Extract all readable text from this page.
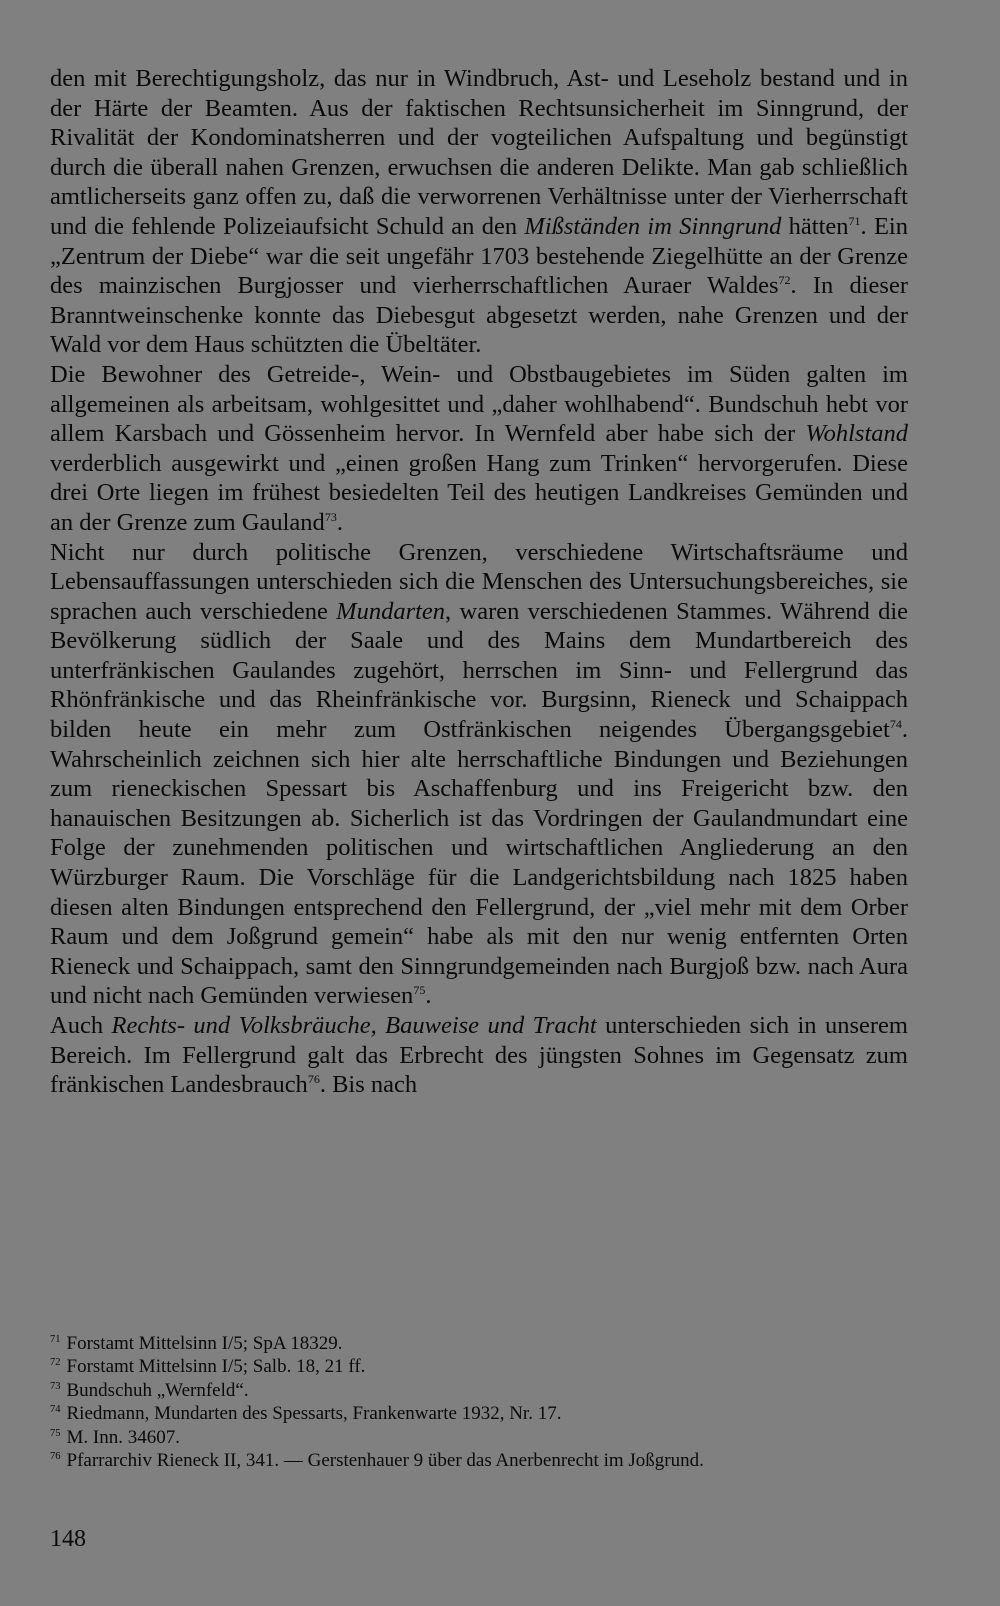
den mit Berechtigungsholz, das nur in Windbruch, Ast- und Leseholz bestand und in der Härte der Beamten. Aus der faktischen Rechtsunsicherheit im Sinngrund, der Rivalität der Kondominatsherren und der vogteilichen Aufspaltung und begünstigt durch die überall nahen Grenzen, erwuchsen die anderen Delikte. Man gab schließlich amtlicherseits ganz offen zu, daß die verworrenen Verhältnisse unter der Vierherrschaft und die fehlende Polizeiaufsicht Schuld an den Mißständen im Sinngrund hätten$^{71}$. Ein „Zentrum der Diebe“ war die seit ungefähr 1703 bestehende Ziegelhütte an der Grenze des mainzischen Burgjosser und vierherrschaftlichen Auraer Waldes$^{72}$. In dieser Branntweinschenke konnte das Diebesgut abgesetzt werden, nahe Grenzen und der Wald vor dem Haus schützten die Übeltäter.

Die Bewohner des Getreide-, Wein- und Obstbaugebietes im Süden galten im allgemeinen als arbeitsam, wohlgesittet und „daher wohlhabend“. Bundschuh hebt vor allem Karsbach und Gössenheim hervor. In Wernfeld aber habe sich der Wohlstand verderblich ausgewirkt und „einen großen Hang zum Trinken“ hervorgerufen. Diese drei Orte liegen im frühest besiedelten Teil des heutigen Landkreises Gemünden und an der Grenze zum Gauland$^{73}$.

Nicht nur durch politische Grenzen, verschiedene Wirtschaftsräume und Lebensauffassungen unterschieden sich die Menschen des Untersuchungsbereiches, sie sprachen auch verschiedene Mundarten, waren verschiedenen Stammes. Während die Bevölkerung südlich der Saale und des Mains dem Mundartbereich des unterfränkischen Gaulandes zugehört, herrschen im Sinn- und Fellergrund das Rhönfränkische und das Rheinfränkische vor. Burgsinn, Rieneck und Schaippach bilden heute ein mehr zum Ostfränkischen neigendes Übergangsgebiet$^{74}$. Wahrscheinlich zeichnen sich hier alte herrschaftliche Bindungen und Beziehungen zum rieneckischen Spessart bis Aschaffenburg und ins Freigericht bzw. den hanauischen Besitzungen ab. Sicherlich ist das Vordringen der Gaulandmundart eine Folge der zunehmenden politischen und wirtschaftlichen Angliederung an den Würzburger Raum. Die Vorschläge für die Landgerichtsbildung nach 1825 haben diesen alten Bindungen entsprechend den Fellergrund, der „viel mehr mit dem Orber Raum und dem Joßgrund gemein“ habe als mit den nur wenig entfernten Orten Rieneck und Schaippach, samt den Sinngrundgemeinden nach Burgjoß bzw. nach Aura und nicht nach Gemünden verwiesen$^{75}$.

Auch Rechts- und Volksbräuche, Bauweise und Tracht unterschieden sich in unserem Bereich. Im Fellergrund galt das Erbrecht des jüngsten Sohnes im Gegensatz zum fränkischen Landesbrauch$^{76}$. Bis nach

$^{71}$ Forstamt Mittelsinn I/5; SpA 18329.
$^{72}$ Forstamt Mittelsinn I/5; Salb. 18, 21 ff.
$^{73}$ Bundschuh „Wernfeld“.
$^{74}$ Riedmann, Mundarten des Spessarts, Frankenwarte 1932, Nr. 17.
$^{75}$ M. Inn. 34607.
$^{76}$ Pfarrarchiv Rieneck II, 341. — Gerstenhauer 9 über das Anerbenrecht im Joßgrund.
148
